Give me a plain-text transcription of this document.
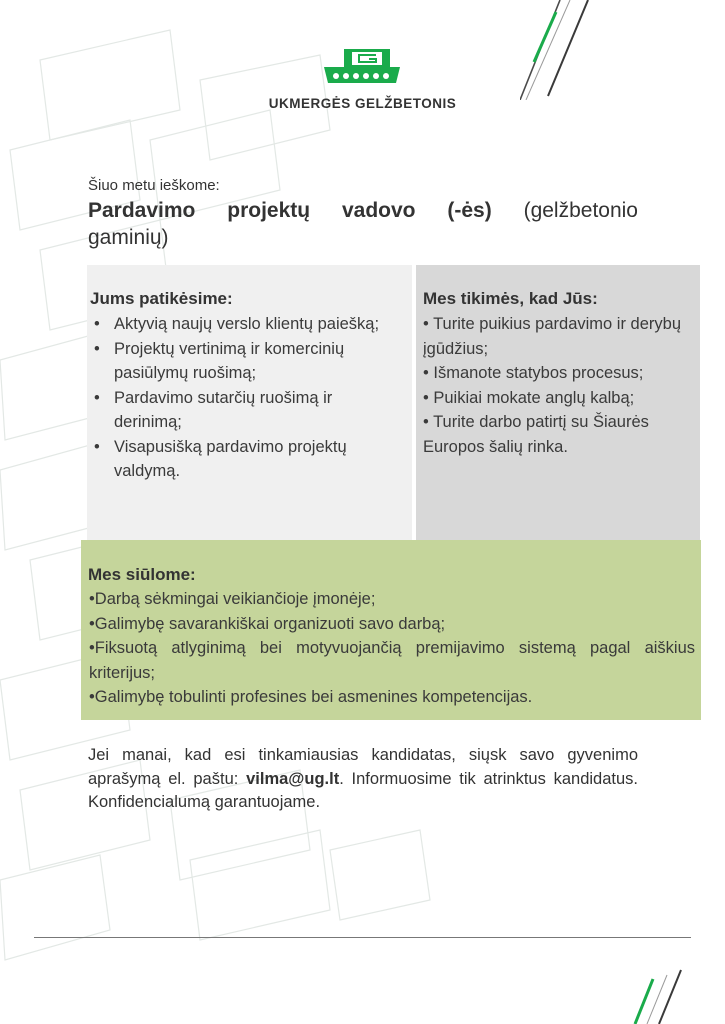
UKMERGĖS GELŽBETONIS
Šiuo metu ieškome:
Pardavimo projektų vadovo (-ės) (gelžbetonio gaminių)
Jums patikėsime:
• Aktyvią naujų verslo klientų paiešką;
• Projektų vertinimą ir komercinių pasiūlymų ruošimą;
• Pardavimo sutarčių ruošimą ir derinimą;
• Visapusišką pardavimo projektų valdymą.
Mes tikimės, kad Jūs:
• Turite puikius pardavimo ir derybų įgūdžius;
• Išmanote statybos procesus;
• Puikiai mokate anglų kalbą;
• Turite darbo patirtį su Šiaurės Europos šalių rinka.
Mes siūlome:
•Darbą sėkmingai veikiančioje įmonėje;
•Galimybę savarankiškai organizuoti savo darbą;
•Fiksuotą atlyginimą bei motyvuojančią premijavimo sistemą pagal aiškius kriterijus;
•Galimybę tobulinti profesines bei asmenines kompetencijas.
Jei manai, kad esi tinkamiausias kandidatas, siųsk savo gyvenimo aprašymą el. paštu: vilma@ug.lt. Informuosime tik atrinktus kandidatus. Konfidencialumą garantuojame.
